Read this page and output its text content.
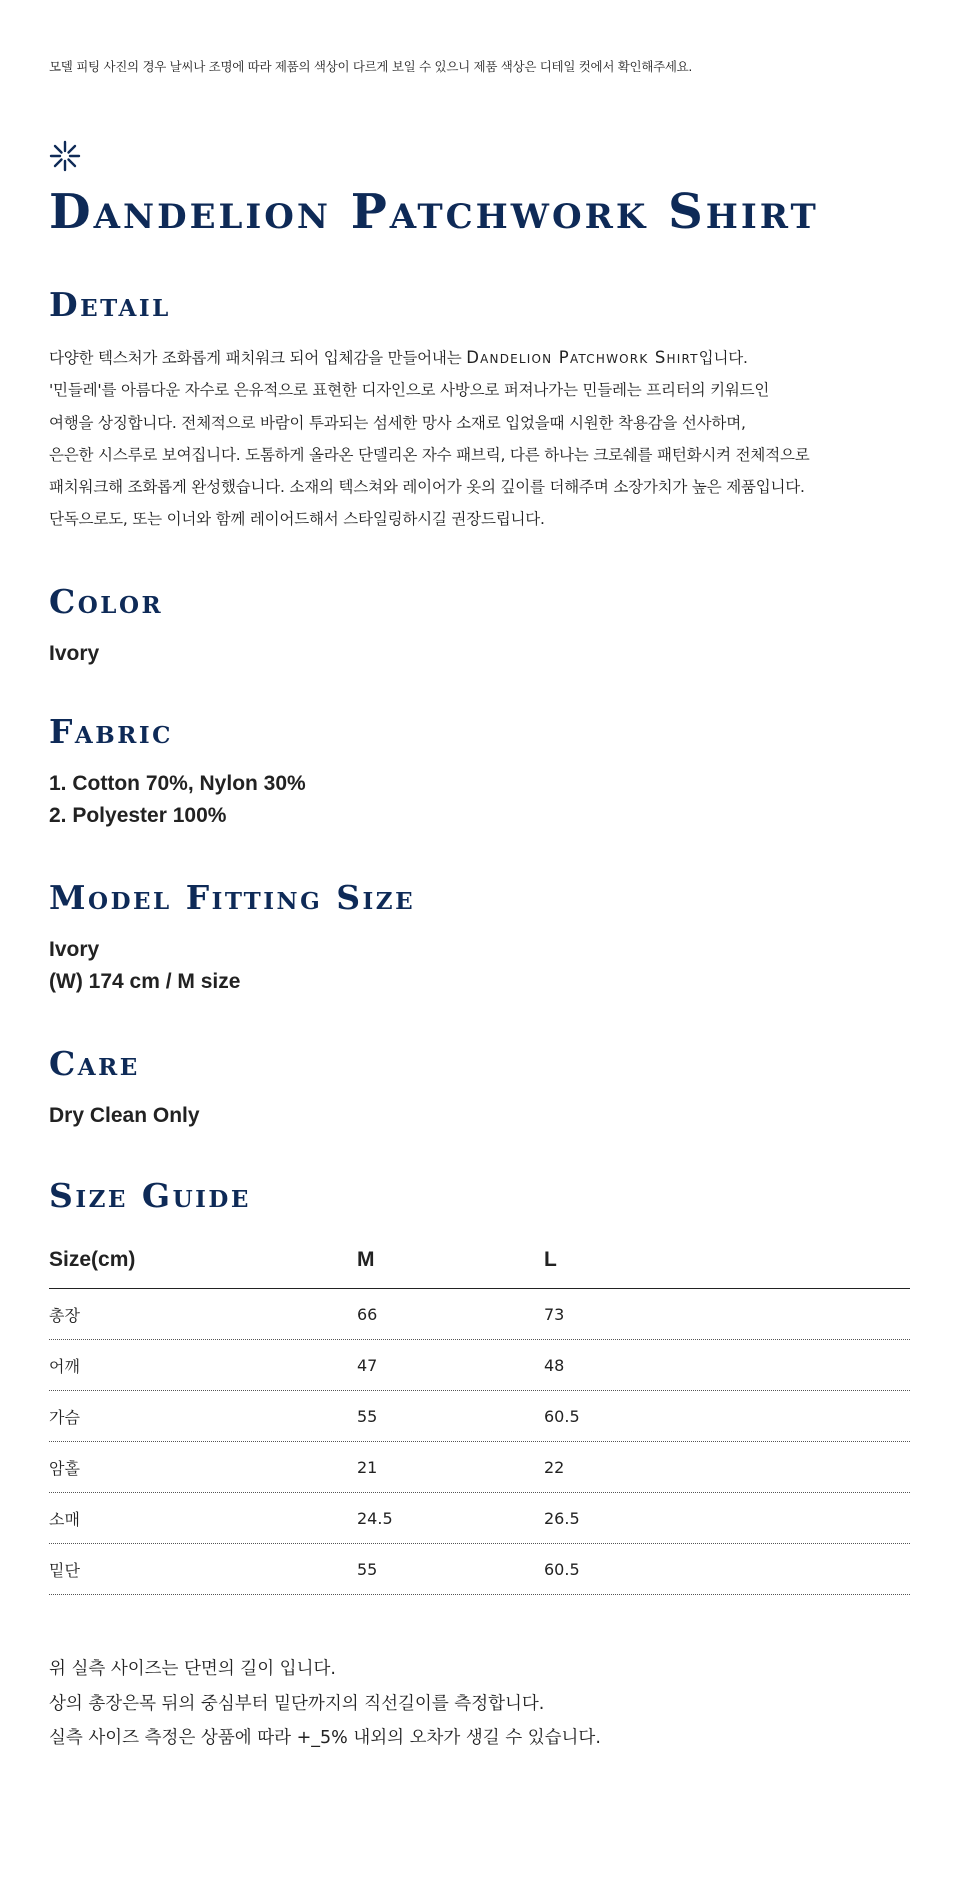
모델 피팅 사진의 경우 날씨나 조명에 따라 제품의 색상이 다르게 보일 수 있으니 제품 색상은 디테일 컷에서 확인해주세요.
Dandelion Patchwork Shirt
Detail
다양한 텍스처가 조화롭게 패치워크 되어 입체감을 만들어내는 Dandelion Patchwork Shirt입니다.
'민들레'를 아름다운 자수로 은유적으로 표현한 디자인으로 사방으로 퍼져나가는 민들레는 프리터의 키워드인
여행을 상징합니다. 전체적으로 바람이 투과되는 섬세한 망사 소재로 입었을때 시원한 착용감을 선사하며,
은은한 시스루로 보여집니다. 도톰하게 올라온 단델리온 자수 패브릭, 다른 하나는 크로쉐를 패턴화시켜 전체적으로
패치워크해 조화롭게 완성했습니다. 소재의 텍스쳐와 레이어가 옷의 깊이를 더해주며 소장가치가 높은 제품입니다.
단독으로도, 또는 이너와 함께 레이어드해서 스타일링하시길 권장드립니다.
Color
Ivory
Fabric
1. Cotton 70%, Nylon 30%
2. Polyester 100%
Model Fitting Size
Ivory
(W) 174 cm / M size
Care
Dry Clean Only
Size Guide
Size(cm)	M	L
총장	66	73
어깨	47	48
가슴	55	60.5
암홀	21	22
소매	24.5	26.5
밑단	55	60.5
위 실측 사이즈는 단면의 길이 입니다.
상의 총장은목 뒤의 중심부터 밑단까지의 직선길이를 측정합니다.
실측 사이즈 측정은 상품에 따라 +_5% 내외의 오차가 생길 수 있습니다.
